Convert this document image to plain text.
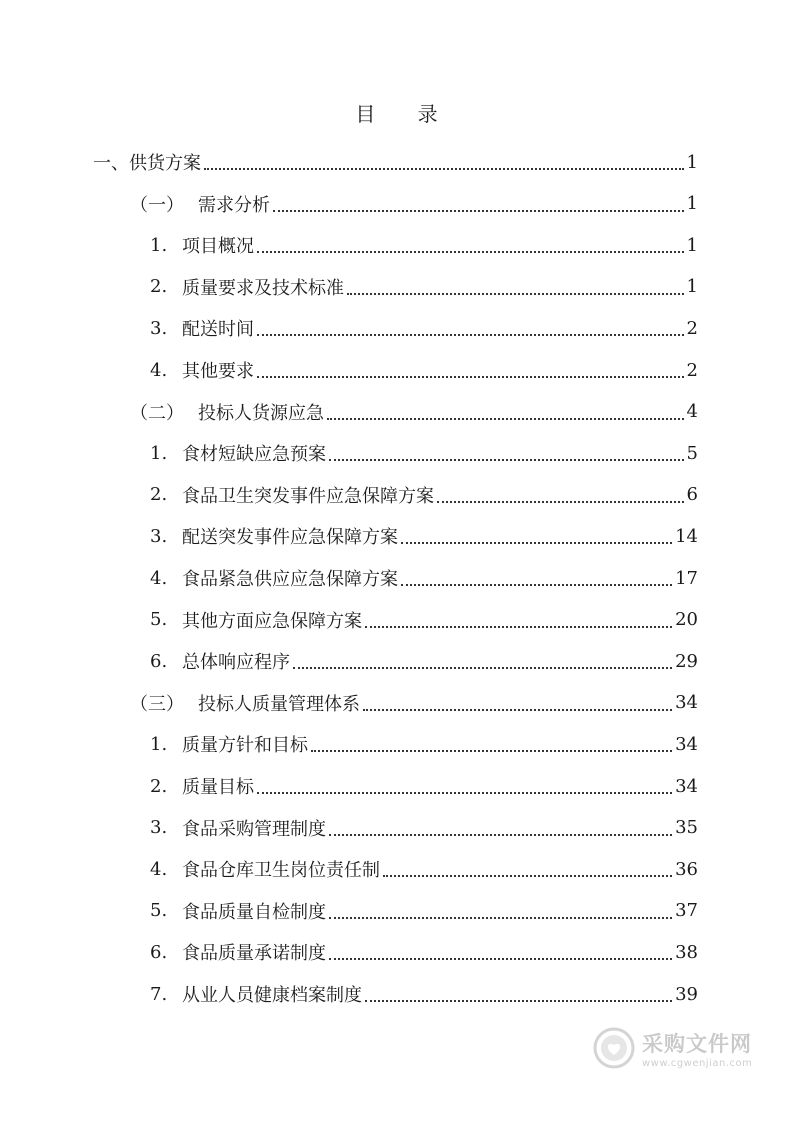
目 录
一、 供货方案	1
（一） 需求分析	1
1. 项目概况	1
2. 质量要求及技术标准	1
3. 配送时间	2
4. 其他要求	2
（二） 投标人货源应急	4
1. 食材短缺应急预案	5
2. 食品卫生突发事件应急保障方案	6
3. 配送突发事件应急保障方案	14
4. 食品紧急供应应急保障方案	17
5. 其他方面应急保障方案	20
6. 总体响应程序	29
（三） 投标人质量管理体系	34
1. 质量方针和目标	34
2. 质量目标	34
3. 食品采购管理制度	35
4. 食品仓库卫生岗位责任制	36
5. 食品质量自检制度	37
6. 食品质量承诺制度	38
7. 从业人员健康档案制度	39
采购文件网
www.cgwenjian.com
